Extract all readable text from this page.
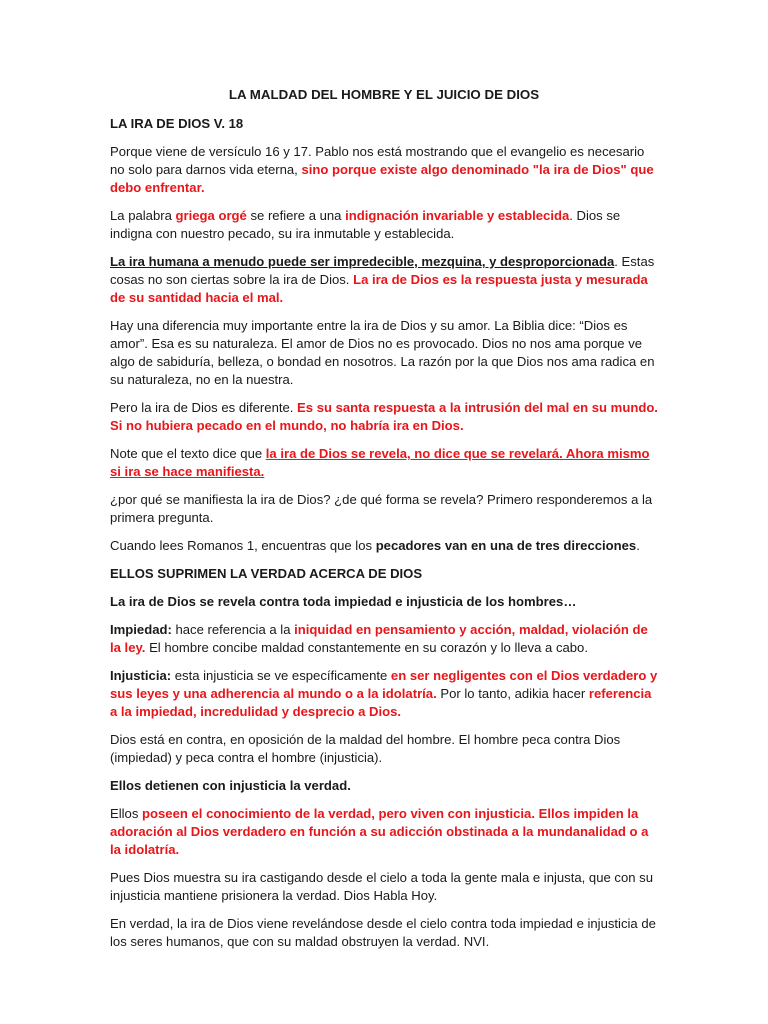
LA MALDAD DEL HOMBRE Y EL JUICIO DE DIOS

LA IRA DE DIOS V. 18

Porque viene de versículo 16 y 17. Pablo nos está mostrando que el evangelio es necesario no solo para darnos vida eterna, sino porque existe algo denominado "la ira de Dios" que debo enfrentar.

La palabra griega orgé se refiere a una indignación invariable y establecida. Dios se indigna con nuestro pecado, su ira inmutable y establecida.

La ira humana a menudo puede ser impredecible, mezquina, y desproporcionada. Estas cosas no son ciertas sobre la ira de Dios. La ira de Dios es la respuesta justa y mesurada de su santidad hacia el mal.

Hay una diferencia muy importante entre la ira de Dios y su amor. La Biblia dice: “Dios es amor”. Esa es su naturaleza. El amor de Dios no es provocado. Dios no nos ama porque ve algo de sabiduría, belleza, o bondad en nosotros. La razón por la que Dios nos ama radica en su naturaleza, no en la nuestra.

Pero la ira de Dios es diferente. Es su santa respuesta a la intrusión del mal en su mundo. Si no hubiera pecado en el mundo, no habría ira en Dios.

Note que el texto dice que la ira de Dios se revela, no dice que se revelará. Ahora mismo si ira se hace manifiesta.

¿por qué se manifiesta la ira de Dios? ¿de qué forma se revela? Primero responderemos a la primera pregunta.

Cuando lees Romanos 1, encuentras que los pecadores van en una de tres direcciones.

ELLOS SUPRIMEN LA VERDAD ACERCA DE DIOS

La ira de Dios se revela contra toda impiedad e injusticia de los hombres…

Impiedad: hace referencia a la iniquidad en pensamiento y acción, maldad, violación de la ley. El hombre concibe maldad constantemente en su corazón y lo lleva a cabo.

Injusticia: esta injusticia se ve específicamente en ser negligentes con el Dios verdadero y sus leyes y una adherencia al mundo o a la idolatría. Por lo tanto, adikia hacer referencia a la impiedad, incredulidad y desprecio a Dios.

Dios está en contra, en oposición de la maldad del hombre. El hombre peca contra Dios (impiedad) y peca contra el hombre (injusticia).

Ellos detienen con injusticia la verdad.

Ellos poseen el conocimiento de la verdad, pero viven con injusticia. Ellos impiden la adoración al Dios verdadero en función a su adicción obstinada a la mundanalidad o a la idolatría.

Pues Dios muestra su ira castigando desde el cielo a toda la gente mala e injusta, que con su injusticia mantiene prisionera la verdad. Dios Habla Hoy.

En verdad, la ira de Dios viene revelándose desde el cielo contra toda impiedad e injusticia de los seres humanos, que con su maldad obstruyen la verdad. NVI.
